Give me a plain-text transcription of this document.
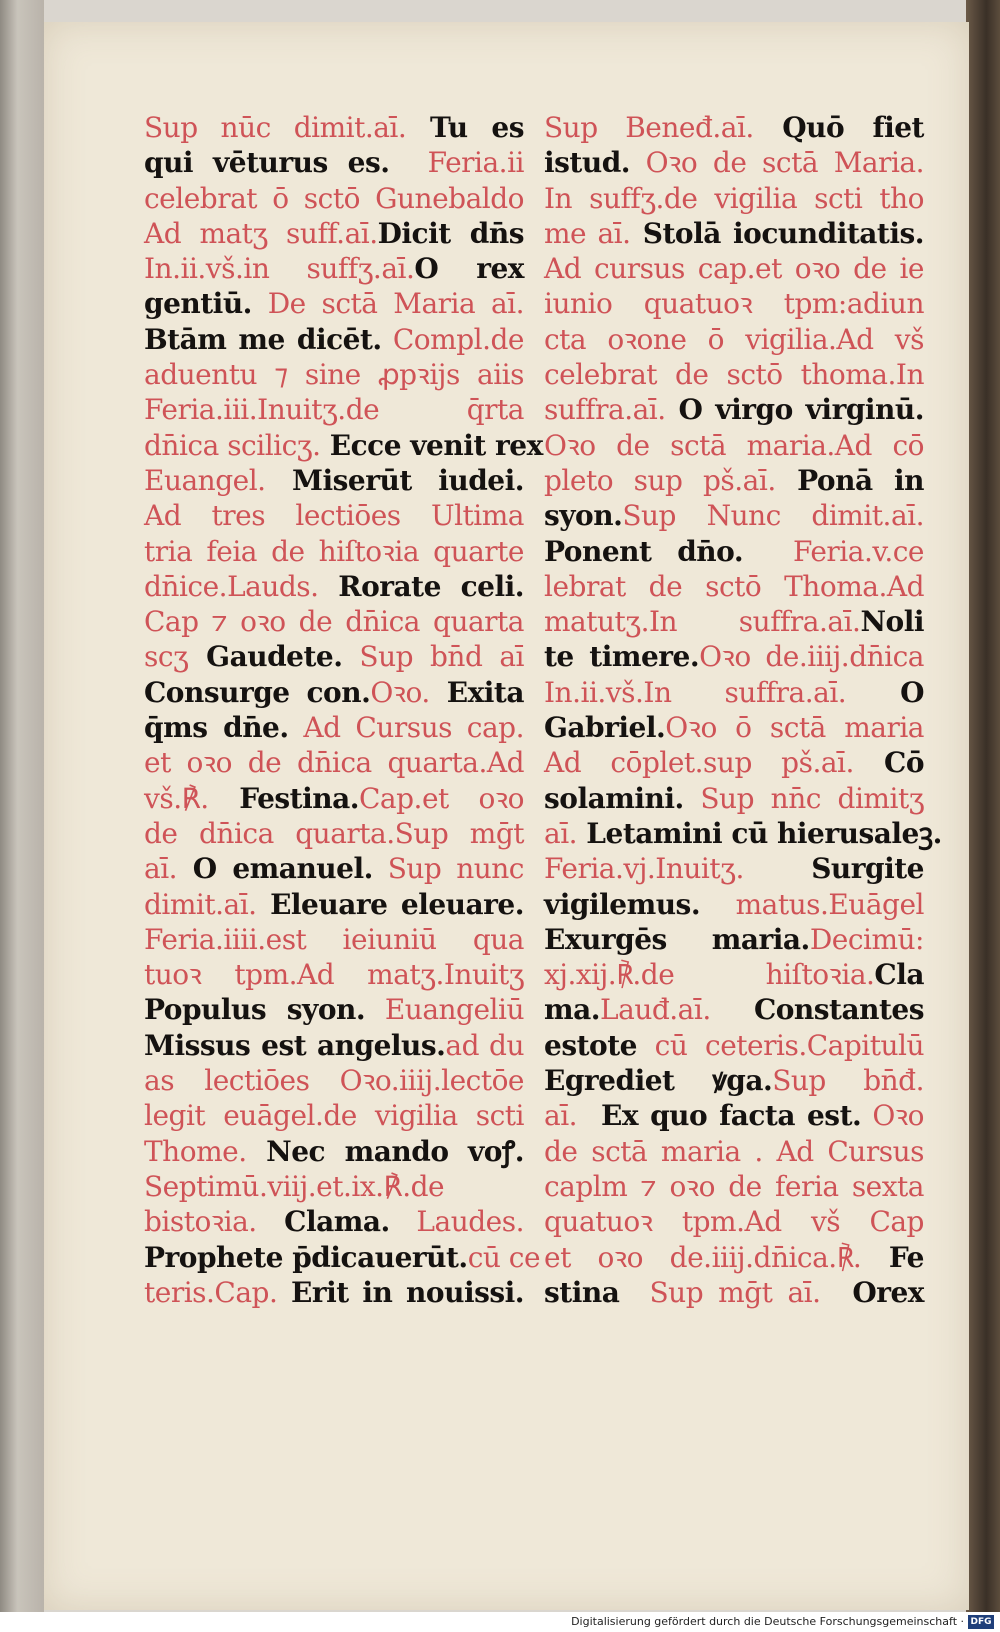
Sup nūc dimit.aī. Tu es
qui vēturus es.  Feria.ii
celebrat ō sctō Gunebaldo
Ad matʒ suff.aī.Dicit dn̄s
In.ii.vš.in suffʒ.aī.O rex
gentiū. De sctā Maria aī.
Btām me dicēt. Compl.de
aduentu ⁊ sine ꝓpꝛijs aiis
Feria.iii.Inuitʒ.de q̄rta
dn̄ica scilicʒ. Ecce venit rex
Euangel. Miserūt iudei.
Ad tres lectiōes Ultima
tria feia de hiſtoꝛia quarte
dn̄ice.Lauds. Rorate celi.
Cap ⁊ oꝛo de dn̄ica quarta
scʒ Gaudete. Sup bn̄d aī
Consurge con.Oꝛo. Exita
q̄ms dn̄e. Ad Cursus cap.
et oꝛo de dn̄ica quarta.Ad
vš.℟. Festina.Cap.et oꝛo
de dn̄ica quarta.Sup mḡt
aī. O emanuel. Sup nunc
dimit.aī. Eleuare eleuare.
Feria.iiii.est ieiuniū qua
tuoꝛ tpm.Ad matʒ.Inuitʒ
Populus syon. Euangeliū
Missus est angelus.ad du
as lectiōes Oꝛo.iiij.lectōe
legit euāgel.de vigilia scti
Thome. Nec mando voꝭ.
Septimū.viij.et.ix.℟.de
bistoꝛia. Clama. Laudes.
Prophete p̄dicauerūt.cū ce
teris.Cap. Erit in nouissi.
Sup Beneđ.aī. Quō fiet
istud. Oꝛo de sctā Maria.
In suffʒ.de vigilia scti tho
me aī. Stolā iocunditatis.
Ad cursus cap.et oꝛo de ie
iunio quatuoꝛ tpm:adiun
cta oꝛone ō vigilia.Ad vš
celebrat de sctō thoma.In
suffra.aī. O virgo virginū.
Oꝛo de sctā maria.Ad cō
pleto sup pš.aī. Ponā in
syon.Sup Nunc dimit.aī.
Ponent dn̄o.  Feria.v.ce
lebrat de sctō Thoma.Ad
matutʒ.In suffra.aī.Noli
te timere.Oꝛo de.iiij.dn̄ica
In.ii.vš.In suffra.aī. O
Gabriel.Oꝛo ō sctā maria
Ad cōplet.sup pš.aī. Cō
solamini. Sup nn̄c dimitʒ
aī. Letamini cū hierusaleꝫ.
Feria.vj.Inuitʒ. Surgite
vigilemus. matus.Euāgel
Exurgēs maria.Decimū:
xj.xij.℟.de hiſtoꝛia.Cla
ma.Lauđ.aī. Constantes
estote cū ceteris.Capitulū
Egrediet ꝟga.Sup bn̄đ.
aī.  Ex quo facta est. Oꝛo
de sctā maria . Ad Cursus
caplm ⁊ oꝛo de feria sexta
quatuoꝛ tpm.Ad vš Cap
et oꝛo de.iiij.dn̄ica.℟. Fe
stina  Sup mḡt aī.  Orex
Digitalisierung gefördert durch die Deutsche Forschungsgemeinschaft · DFG
